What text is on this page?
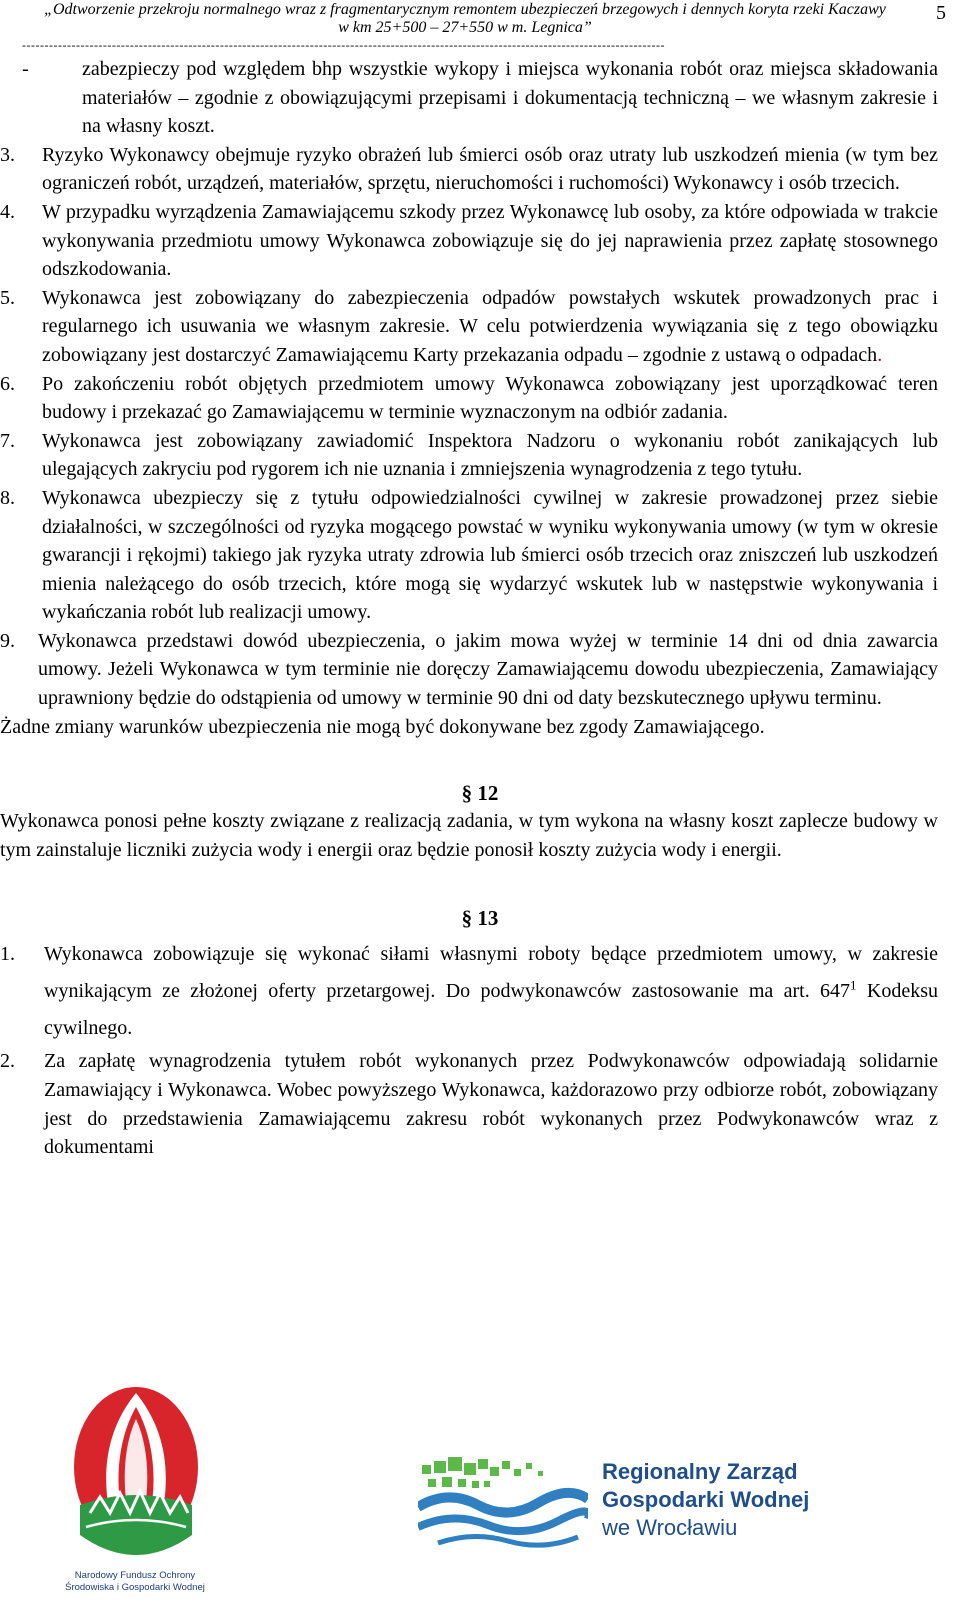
„Odtworzenie przekroju normalnego wraz z fragmentarycznym remontem ubezpieczeń brzegowych i dennych koryta rzeki Kaczawy
w km 25+500 – 27+550 w m. Legnica”
5
-----------------------------------------------------------------------------------------------------------------------------------------------

-	zabezpieczy pod względem bhp wszystkie wykopy i miejsca wykonania robót oraz miejsca składowania materiałów – zgodnie z obowiązującymi przepisami i dokumentacją techniczną – we własnym zakresie i na własny koszt.

3. Ryzyko Wykonawcy obejmuje ryzyko obrażeń lub śmierci osób oraz utraty lub uszkodzeń mienia (w tym bez ograniczeń robót, urządzeń, materiałów, sprzętu, nieruchomości i ruchomości) Wykonawcy i osób trzecich.

4. W przypadku wyrządzenia Zamawiającemu szkody przez Wykonawcę lub osoby, za które odpowiada w trakcie wykonywania przedmiotu umowy Wykonawca zobowiązuje się do jej naprawienia przez zapłatę stosownego odszkodowania.

5. Wykonawca jest zobowiązany do zabezpieczenia odpadów powstałych wskutek prowadzonych prac i regularnego ich usuwania we własnym zakresie. W celu potwierdzenia wywiązania się z tego obowiązku zobowiązany jest dostarczyć Zamawiającemu Karty przekazania odpadu – zgodnie z ustawą o odpadach.

6. Po zakończeniu robót objętych przedmiotem umowy Wykonawca zobowiązany jest uporządkować teren budowy i przekazać go Zamawiającemu w terminie wyznaczonym na odbiór zadania.

7. Wykonawca jest zobowiązany zawiadomić Inspektora Nadzoru o wykonaniu robót zanikających lub ulegających zakryciu pod rygorem ich nie uznania i zmniejszenia wynagrodzenia z tego tytułu.

8. Wykonawca ubezpieczy się z tytułu odpowiedzialności cywilnej w zakresie prowadzonej przez siebie działalności, w szczególności od ryzyka mogącego powstać w wyniku wykonywania umowy (w tym w okresie gwarancji i rękojmi) takiego jak ryzyka utraty zdrowia lub śmierci osób trzecich oraz zniszczeń lub uszkodzeń mienia należącego do osób trzecich, które mogą się wydarzyć wskutek lub w następstwie wykonywania i wykańczania robót lub realizacji umowy.

9. Wykonawca przedstawi dowód ubezpieczenia, o jakim mowa wyżej w terminie 14 dni od dnia zawarcia umowy. Jeżeli Wykonawca w tym terminie nie doręczy Zamawiającemu dowodu ubezpieczenia, Zamawiający uprawniony będzie do odstąpienia od umowy w terminie 90 dni od daty bezskutecznego upływu terminu.

Żadne zmiany warunków ubezpieczenia nie mogą być dokonywane bez zgody Zamawiającego.

§ 12

Wykonawca ponosi pełne koszty związane z realizacją zadania, w tym wykona na własny koszt zaplecze budowy w tym zainstaluje liczniki zużycia wody i energii oraz będzie ponosił koszty zużycia wody i energii.

§ 13

1. Wykonawca zobowiązuje się wykonać siłami własnymi roboty będące przedmiotem umowy, w zakresie wynikającym ze złożonej oferty przetargowej. Do podwykonawców zastosowanie ma art. $647^1$ Kodeksu cywilnego.

2. Za zapłatę wynagrodzenia tytułem robót wykonanych przez Podwykonawców odpowiadają solidarnie Zamawiający i Wykonawca. Wobec powyższego Wykonawca, każdorazowo przy odbiorze robót, zobowiązany jest do przedstawienia Zamawiającemu zakresu robót wykonanych przez Podwykonawców wraz z dokumentami

Narodowy Fundusz Ochrony
Środowiska i Gospodarki Wodnej
Regionalny Zarząd
Gospodarki Wodnej
we Wrocławiu
